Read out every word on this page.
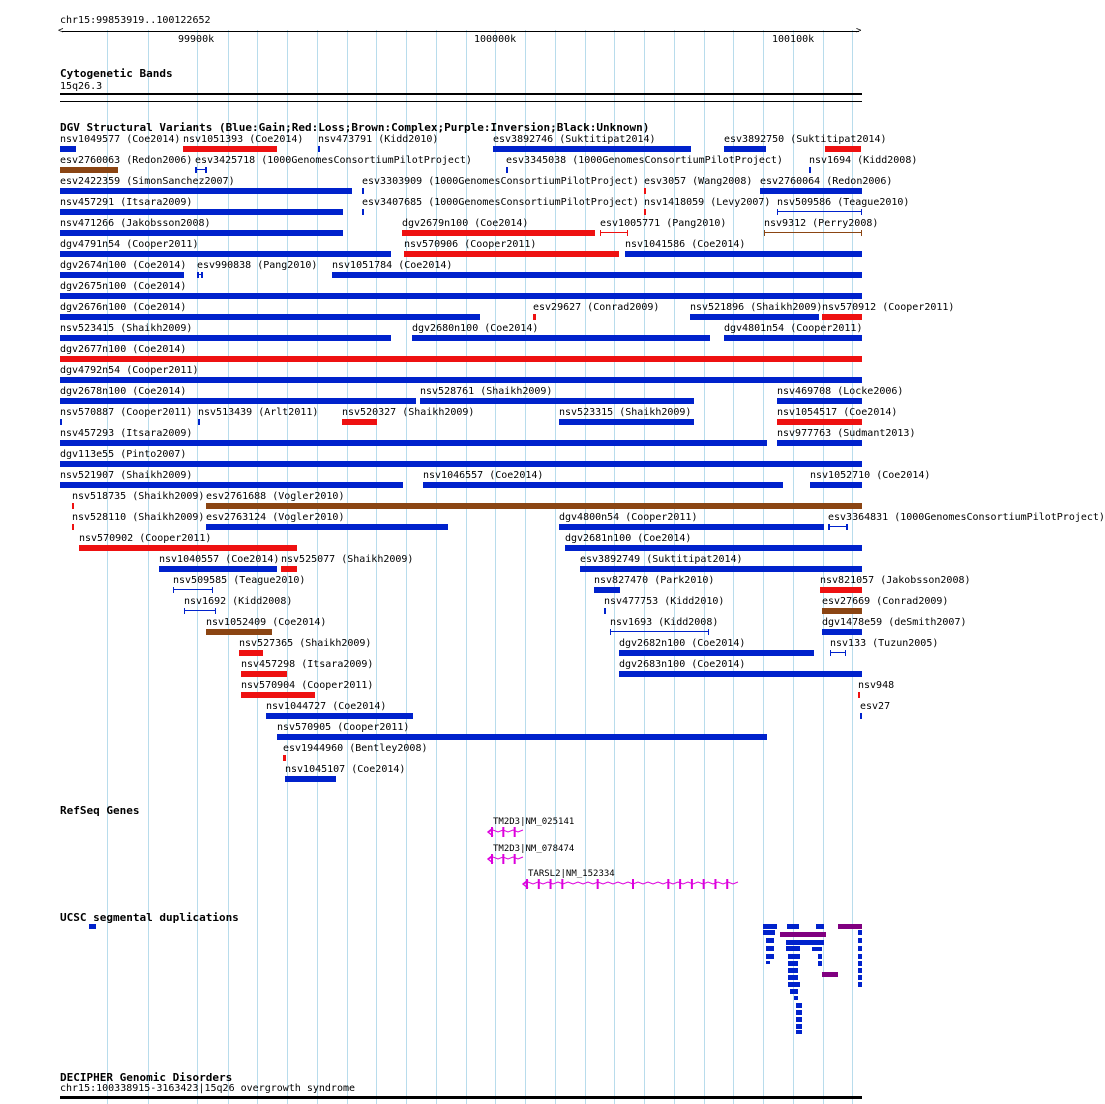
chr15:99853919..100122652
<	>
99900k	100000k	100100k
Cytogenetic Bands
15q26.3
DGV Structural Variants (Blue:Gain;Red:Loss;Brown:Complex;Purple:Inversion;Black:Unknown)
nsv1049577 (Coe2014) nsv1051393 (Coe2014) nsv473791 (Kidd2010)	esv3892746 (Suktitipat2014)	esv3892750 (Suktitipat2014)
esv2760063 (Redon2006) esv3425718 (1000GenomesConsortiumPilotProject)	esv3345038 (1000GenomesConsortiumPilotProject)	nsv1694 (Kidd2008)
esv2422359 (SimonSanchez2007)	esv3303909 (1000GenomesConsortiumPilotProject) esv3057 (Wang2008) esv2760064 (Redon2006)
nsv457291 (Itsara2009)	esv3407685 (1000GenomesConsortiumPilotProject) nsv1418059 (Levy2007) nsv509586 (Teague2010)
nsv471266 (Jakobsson2008)	dgv2679n100 (Coe2014)	esv1005771 (Pang2010)	nsv9312 (Perry2008)
dgv4791n54 (Cooper2011)	nsv570906 (Cooper2011)	nsv1041586 (Coe2014)
dgv2674n100 (Coe2014) esv990838 (Pang2010) nsv1051784 (Coe2014)
dgv2675n100 (Coe2014)
dgv2676n100 (Coe2014)	esv29627 (Conrad2009)	nsv521896 (Shaikh2009) nsv570912 (Cooper2011)
nsv523415 (Shaikh2009)	dgv2680n100 (Coe2014)	dgv4801n54 (Cooper2011)
dgv2677n100 (Coe2014)
dgv4792n54 (Cooper2011)
dgv2678n100 (Coe2014)	nsv528761 (Shaikh2009)	nsv469708 (Locke2006)
nsv570887 (Cooper2011) nsv513439 (Arlt2011) nsv520327 (Shaikh2009)	nsv523315 (Shaikh2009)	nsv1054517 (Coe2014)
nsv457293 (Itsara2009)	nsv977763 (Sudmant2013)
dgv113e55 (Pinto2007)
nsv521907 (Shaikh2009)	nsv1046557 (Coe2014)	nsv1052710 (Coe2014)
nsv518735 (Shaikh2009) esv2761688 (Vogler2010)
nsv528110 (Shaikh2009) esv2763124 (Vogler2010)	dgv4800n54 (Cooper2011)	esv3364831 (1000GenomesConsortiumPilotProject)
nsv570902 (Cooper2011)	dgv2681n100 (Coe2014)
nsv1040557 (Coe2014) nsv525077 (Shaikh2009)	esv3892749 (Suktitipat2014)
nsv509585 (Teague2010)	nsv827470 (Park2010)	nsv821057 (Jakobsson2008)
nsv1692 (Kidd2008)	nsv477753 (Kidd2010)	esv27669 (Conrad2009)
nsv1052409 (Coe2014)	nsv1693 (Kidd2008)	dgv1478e59 (deSmith2007)
nsv527365 (Shaikh2009)	dgv2682n100 (Coe2014)	nsv133 (Tuzun2005)
nsv457298 (Itsara2009)	dgv2683n100 (Coe2014)
nsv570904 (Cooper2011)	nsv948
nsv1044727 (Coe2014)	esv27
nsv570905 (Cooper2011)
esv1944960 (Bentley2008)
nsv1045107 (Coe2014)
RefSeq Genes
TM2D3|NM_025141
TM2D3|NM_078474
TARSL2|NM_152334
UCSC segmental duplications
DECIPHER Genomic Disorders
chr15:100338915-3163423|15q26 overgrowth syndrome
